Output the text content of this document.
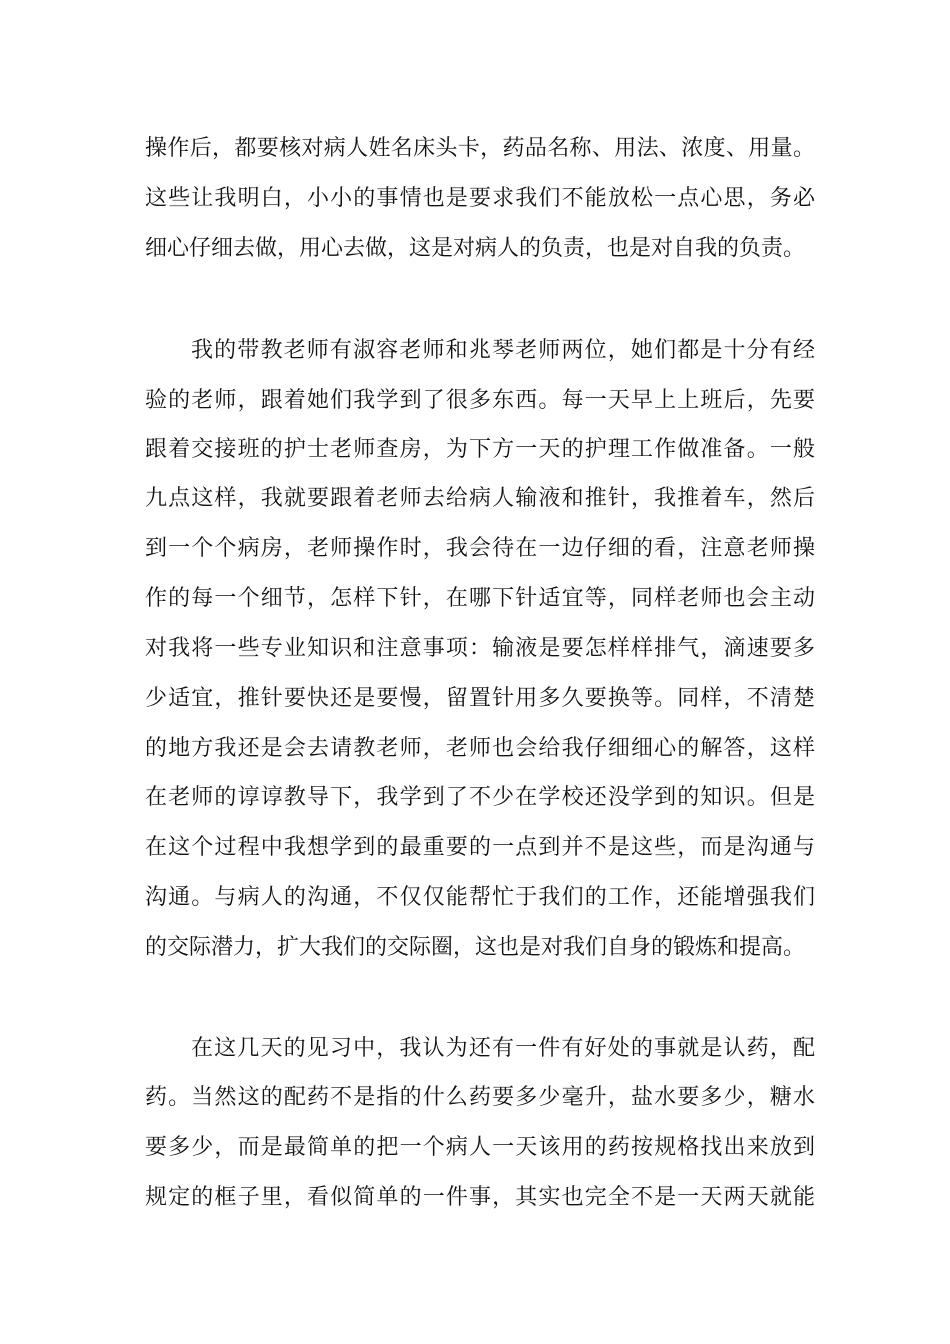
操作后，都要核对病人姓名床头卡，药品名称、用法、浓度、用量。
这些让我明白，小小的事情也是要求我们不能放松一点心思，务必
细心仔细去做，用心去做，这是对病人的负责，也是对自我的负责。
我的带教老师有淑容老师和兆琴老师两位，她们都是十分有经
验的老师，跟着她们我学到了很多东西。每一天早上上班后，先要
跟着交接班的护士老师查房，为下方一天的护理工作做准备。一般
九点这样，我就要跟着老师去给病人输液和推针，我推着车，然后
到一个个病房，老师操作时，我会待在一边仔细的看，注意老师操
作的每一个细节，怎样下针，在哪下针适宜等，同样老师也会主动
对我将一些专业知识和注意事项：输液是要怎样样排气，滴速要多
少适宜，推针要快还是要慢，留置针用多久要换等。同样，不清楚
的地方我还是会去请教老师，老师也会给我仔细细心的解答，这样
在老师的谆谆教导下，我学到了不少在学校还没学到的知识。但是
在这个过程中我想学到的最重要的一点到并不是这些，而是沟通与
沟通。与病人的沟通，不仅仅能帮忙于我们的工作，还能增强我们
的交际潜力，扩大我们的交际圈，这也是对我们自身的锻炼和提高。
在这几天的见习中，我认为还有一件有好处的事就是认药，配
药。当然这的配药不是指的什么药要多少毫升，盐水要多少，糖水
要多少，而是最简单的把一个病人一天该用的药按规格找出来放到
规定的框子里，看似简单的一件事，其实也完全不是一天两天就能
